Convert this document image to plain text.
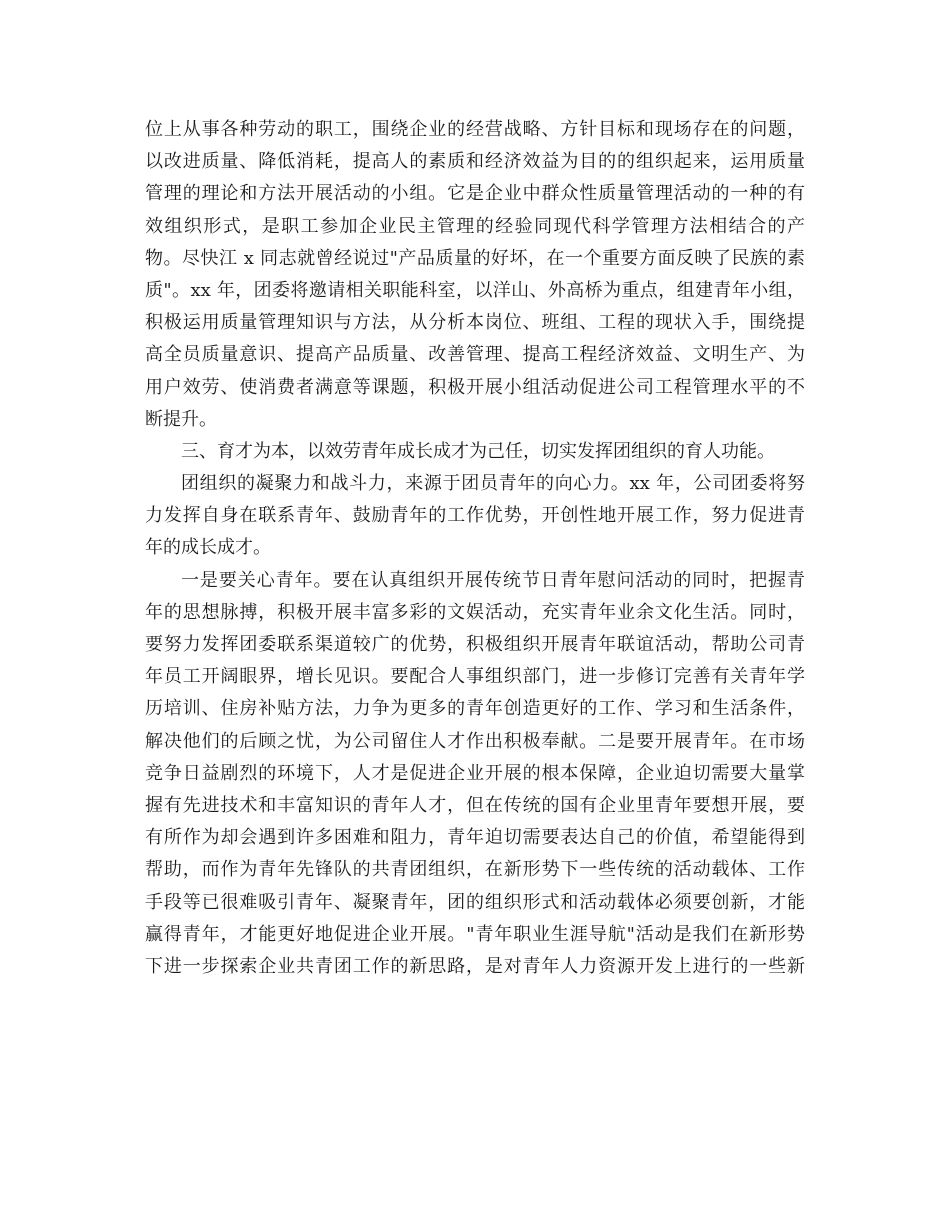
位上从事各种劳动的职工，围绕企业的经营战略、方针目标和现场存在的问题，
以改进质量、降低消耗，提高人的素质和经济效益为目的的组织起来，运用质量
管理的理论和方法开展活动的小组。它是企业中群众性质量管理活动的一种的有
效组织形式，是职工参加企业民主管理的经验同现代科学管理方法相结合的产
物。尽快江 x 同志就曾经说过"产品质量的好坏，在一个重要方面反映了民族的素
质"。xx 年，团委将邀请相关职能科室，以洋山、外高桥为重点，组建青年小组，
积极运用质量管理知识与方法，从分析本岗位、班组、工程的现状入手，围绕提
高全员质量意识、提高产品质量、改善管理、提高工程经济效益、文明生产、为
用户效劳、使消费者满意等课题，积极开展小组活动促进公司工程管理水平的不
断提升。
三、育才为本，以效劳青年成长成才为己任，切实发挥团组织的育人功能。
团组织的凝聚力和战斗力，来源于团员青年的向心力。xx 年，公司团委将努
力发挥自身在联系青年、鼓励青年的工作优势，开创性地开展工作，努力促进青
年的成长成才。
一是要关心青年。要在认真组织开展传统节日青年慰问活动的同时，把握青
年的思想脉搏，积极开展丰富多彩的文娱活动，充实青年业余文化生活。同时，
要努力发挥团委联系渠道较广的优势，积极组织开展青年联谊活动，帮助公司青
年员工开阔眼界，增长见识。要配合人事组织部门，进一步修订完善有关青年学
历培训、住房补贴方法，力争为更多的青年创造更好的工作、学习和生活条件，
解决他们的后顾之忧，为公司留住人才作出积极奉献。二是要开展青年。在市场
竞争日益剧烈的环境下，人才是促进企业开展的根本保障，企业迫切需要大量掌
握有先进技术和丰富知识的青年人才，但在传统的国有企业里青年要想开展，要
有所作为却会遇到许多困难和阻力，青年迫切需要表达自己的价值，希望能得到
帮助，而作为青年先锋队的共青团组织，在新形势下一些传统的活动载体、工作
手段等已很难吸引青年、凝聚青年，团的组织形式和活动载体必须要创新，才能
赢得青年，才能更好地促进企业开展。"青年职业生涯导航"活动是我们在新形势
下进一步探索企业共青团工作的新思路，是对青年人力资源开发上进行的一些新
